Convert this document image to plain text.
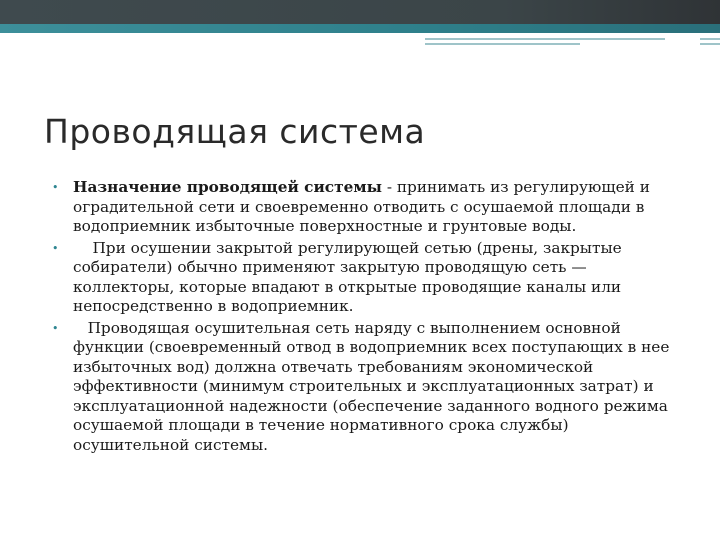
Проводящая система
• Назначение проводящей системы - принимать из регулирующей и оградительной сети и своевременно отводить с осушаемой площади в водоприемник избыточные поверхностные и грунтовые воды.
• При осушении закрытой регулирующей сетью (дрены, закрытые собиратели) обычно применяют закрытую проводящую сеть — коллекторы, которые впадают в открытые проводящие каналы или непосредственно в водоприемник.
• Проводящая осушительная сеть наряду с выполнением основной функции (своевременный отвод в водоприемник всех поступающих в нее избыточных вод) должна отвечать требованиям экономической эффективности (минимум строительных и эксплуатационных затрат) и эксплуатационной надежности (обеспечение заданного водного режима осушаемой площади в течение нормативного срока службы) осушительной системы.
